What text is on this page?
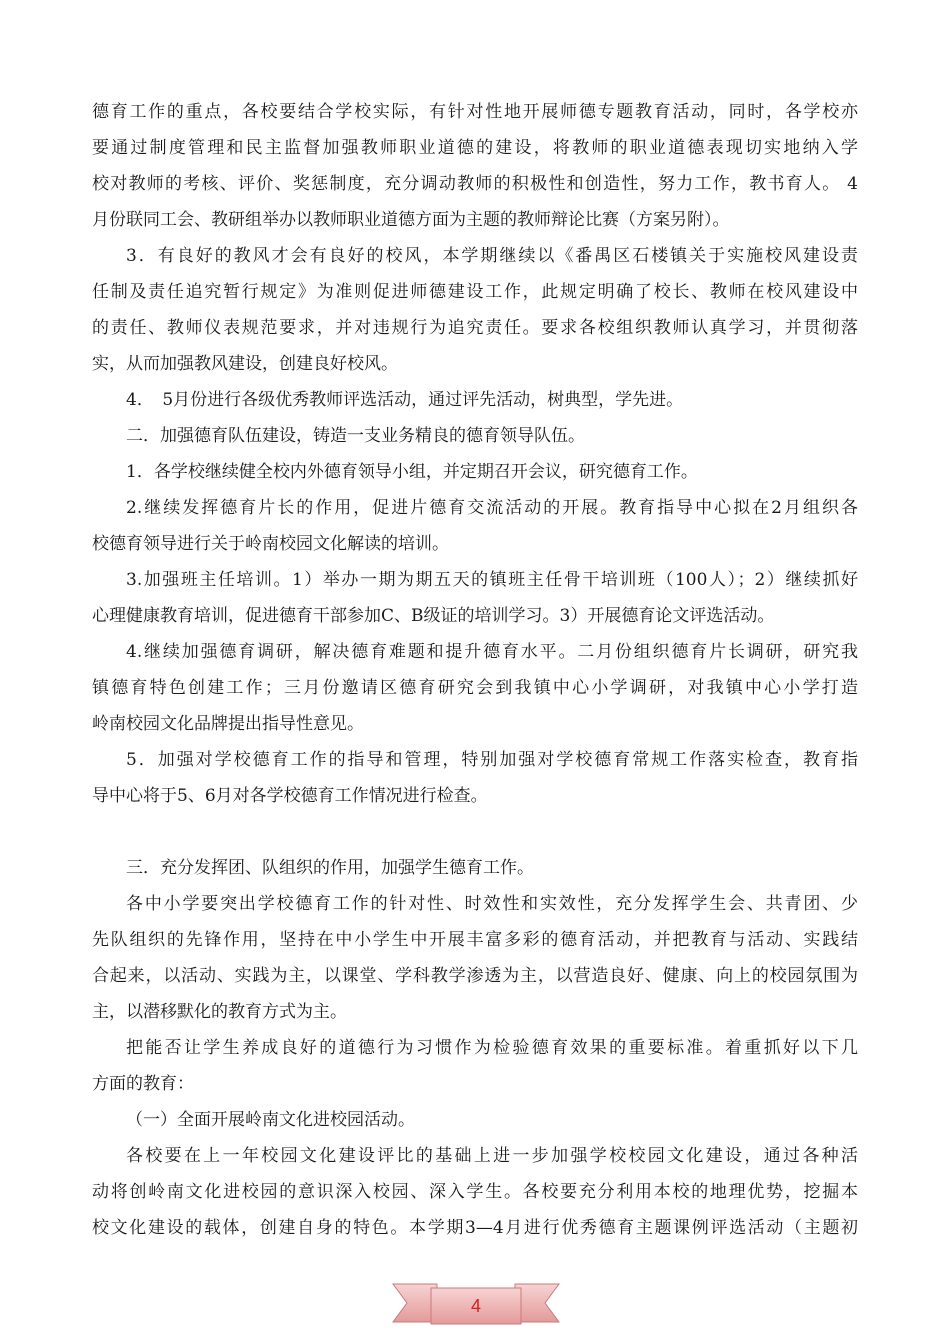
德育工作的重点，各校要结合学校实际，有针对性地开展师德专题教育活动，同时，各学校亦
要通过制度管理和民主监督加强教师职业道德的建设，将教师的职业道德表现切实地纳入学
校对教师的考核、评价、奖惩制度，充分调动教师的积极性和创造性，努力工作，教书育人。 4
月份联同工会、教研组举办以教师职业道德方面为主题的教师辩论比赛（方案另附）。
3．有良好的教风才会有良好的校风，本学期继续以《番禺区石楼镇关于实施校风建设责
任制及责任追究暂行规定》为准则促进师德建设工作，此规定明确了校长、教师在校风建设中
的责任、教师仪表规范要求，并对违规行为追究责任。要求各校组织教师认真学习，并贯彻落
实，从而加强教风建设，创建良好校风。
4．　5月份进行各级优秀教师评选活动，通过评先活动，树典型，学先进。
二．加强德育队伍建设，铸造一支业务精良的德育领导队伍。
1．各学校继续健全校内外德育领导小组，并定期召开会议，研究德育工作。
2.继续发挥德育片长的作用，促进片德育交流活动的开展。教育指导中心拟在2月组织各
校德育领导进行关于岭南校园文化解读的培训。
3.加强班主任培训。1）举办一期为期五天的镇班主任骨干培训班（100人）；2）继续抓好
心理健康教育培训，促进德育干部参加C、B级证的培训学习。3）开展德育论文评选活动。
4.继续加强德育调研，解决德育难题和提升德育水平。二月份组织德育片长调研，研究我
镇德育特色创建工作；三月份邀请区德育研究会到我镇中心小学调研，对我镇中心小学打造
岭南校园文化品牌提出指导性意见。
5．加强对学校德育工作的指导和管理，特别加强对学校德育常规工作落实检查，教育指
导中心将于5、6月对各学校德育工作情况进行检查。
三．充分发挥团、队组织的作用，加强学生德育工作。
各中小学要突出学校德育工作的针对性、时效性和实效性，充分发挥学生会、共青团、少
先队组织的先锋作用，坚持在中小学生中开展丰富多彩的德育活动，并把教育与活动、实践结
合起来，以活动、实践为主，以课堂、学科教学渗透为主，以营造良好、健康、向上的校园氛围为
主，以潜移默化的教育方式为主。
把能否让学生养成良好的道德行为习惯作为检验德育效果的重要标准。着重抓好以下几
方面的教育：
（一）全面开展岭南文化进校园活动。
各校要在上一年校园文化建设评比的基础上进一步加强学校校园文化建设，通过各种活
动将创岭南文化进校园的意识深入校园、深入学生。各校要充分利用本校的地理优势，挖掘本
校文化建设的载体，创建自身的特色。本学期3—4月进行优秀德育主题课例评选活动（主题初
4
